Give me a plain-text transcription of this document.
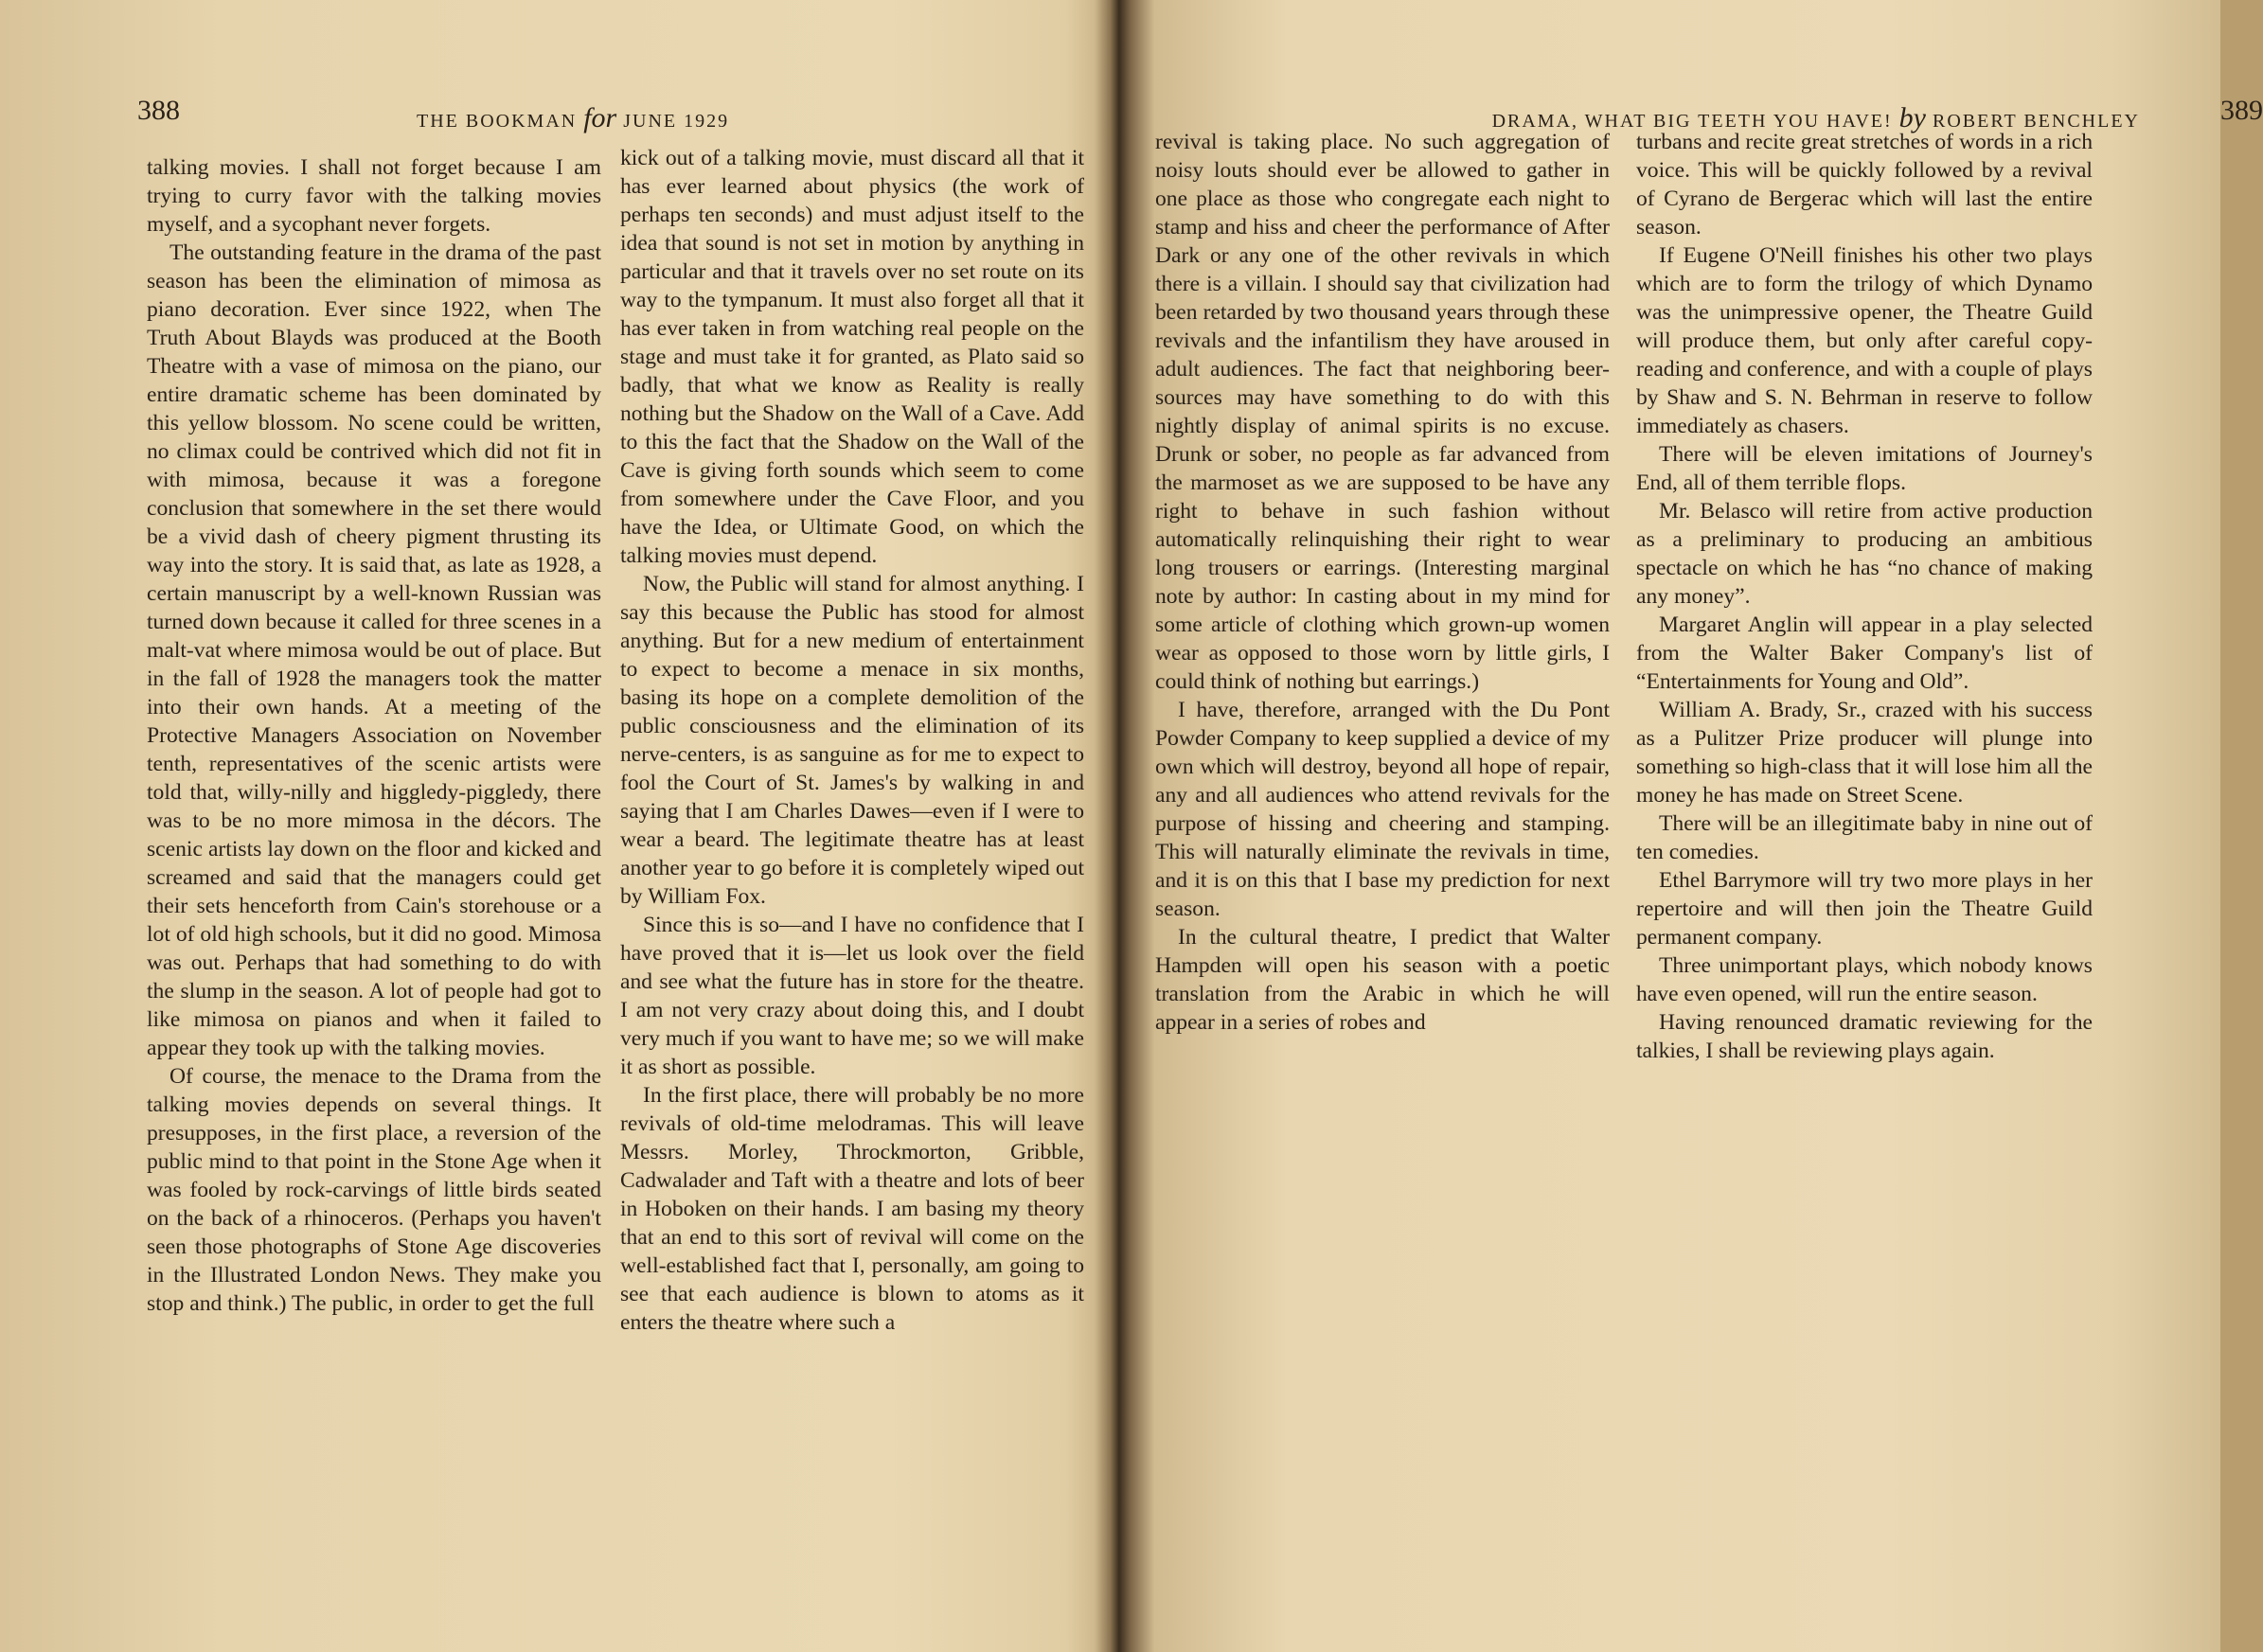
388	THE BOOKMAN for JUNE 1929

talking movies. I shall not forget because I am trying to curry favor with the talking movies myself, and a sycophant never forgets.

The outstanding feature in the drama of the past season has been the elimination of mimosa as piano decoration. Ever since 1922, when The Truth About Blayds was produced at the Booth Theatre with a vase of mimosa on the piano, our entire dramatic scheme has been dominated by this yellow blossom. No scene could be written, no climax could be contrived which did not fit in with mimosa, because it was a foregone conclusion that somewhere in the set there would be a vivid dash of cheery pigment thrusting its way into the story. It is said that, as late as 1928, a certain manuscript by a well-known Russian was turned down because it called for three scenes in a malt-vat where mimosa would be out of place. But in the fall of 1928 the managers took the matter into their own hands. At a meeting of the Protective Managers Association on November tenth, representatives of the scenic artists were told that, willy-nilly and higgledy-piggledy, there was to be no more mimosa in the décors. The scenic artists lay down on the floor and kicked and screamed and said that the managers could get their sets henceforth from Cain's storehouse or a lot of old high schools, but it did no good. Mimosa was out. Perhaps that had something to do with the slump in the season. A lot of people had got to like mimosa on pianos and when it failed to appear they took up with the talking movies.

Of course, the menace to the Drama from the talking movies depends on several things. It presupposes, in the first place, a reversion of the public mind to that point in the Stone Age when it was fooled by rock-carvings of little birds seated on the back of a rhinoceros. (Perhaps you haven't seen those photographs of Stone Age discoveries in the Illustrated London News. They make you stop and think.) The public, in order to get the full

kick out of a talking movie, must discard all that it has ever learned about physics (the work of perhaps ten seconds) and must adjust itself to the idea that sound is not set in motion by anything in particular and that it travels over no set route on its way to the tympanum. It must also forget all that it has ever taken in from watching real people on the stage and must take it for granted, as Plato said so badly, that what we know as Reality is really nothing but the Shadow on the Wall of a Cave. Add to this the fact that the Shadow on the Wall of the Cave is giving forth sounds which seem to come from somewhere under the Cave Floor, and you have the Idea, or Ultimate Good, on which the talking movies must depend.

Now, the Public will stand for almost anything. I say this because the Public has stood for almost anything. But for a new medium of entertainment to expect to become a menace in six months, basing its hope on a complete demolition of the public consciousness and the elimination of its nerve-centers, is as sanguine as for me to expect to fool the Court of St. James's by walking in and saying that I am Charles Dawes—even if I were to wear a beard. The legitimate theatre has at least another year to go before it is completely wiped out by William Fox.

Since this is so—and I have no confidence that I have proved that it is—let us look over the field and see what the future has in store for the theatre. I am not very crazy about doing this, and I doubt very much if you want to have me; so we will make it as short as possible.

In the first place, there will probably be no more revivals of old-time melodramas. This will leave Messrs. Morley, Throckmorton, Gribble, Cadwalader and Taft with a theatre and lots of beer in Hoboken on their hands. I am basing my theory that an end to this sort of revival will come on the well-established fact that I, personally, am going to see that each audience is blown to atoms as it enters the theatre where such a

DRAMA, WHAT BIG TEETH YOU HAVE! by ROBERT BENCHLEY	389

revival is taking place. No such aggregation of noisy louts should ever be allowed to gather in one place as those who congregate each night to stamp and hiss and cheer the performance of After Dark or any one of the other revivals in which there is a villain. I should say that civilization had been retarded by two thousand years through these revivals and the infantilism they have aroused in adult audiences. The fact that neighboring beer-sources may have something to do with this nightly display of animal spirits is no excuse. Drunk or sober, no people as far advanced from the marmoset as we are supposed to be have any right to behave in such fashion without automatically relinquishing their right to wear long trousers or earrings. (Interesting marginal note by author: In casting about in my mind for some article of clothing which grown-up women wear as opposed to those worn by little girls, I could think of nothing but earrings.)

I have, therefore, arranged with the Du Pont Powder Company to keep supplied a device of my own which will destroy, beyond all hope of repair, any and all audiences who attend revivals for the purpose of hissing and cheering and stamping. This will naturally eliminate the revivals in time, and it is on this that I base my prediction for next season.

In the cultural theatre, I predict that Walter Hampden will open his season with a poetic translation from the Arabic in which he will appear in a series of robes and

turbans and recite great stretches of words in a rich voice. This will be quickly followed by a revival of Cyrano de Bergerac which will last the entire season.

If Eugene O'Neill finishes his other two plays which are to form the trilogy of which Dynamo was the unimpressive opener, the Theatre Guild will produce them, but only after careful copy-reading and conference, and with a couple of plays by Shaw and S. N. Behrman in reserve to follow immediately as chasers.

There will be eleven imitations of Journey's End, all of them terrible flops.

Mr. Belasco will retire from active production as a preliminary to producing an ambitious spectacle on which he has “no chance of making any money”.

Margaret Anglin will appear in a play selected from the Walter Baker Company's list of “Entertainments for Young and Old”.

William A. Brady, Sr., crazed with his success as a Pulitzer Prize producer will plunge into something so high-class that it will lose him all the money he has made on Street Scene.

There will be an illegitimate baby in nine out of ten comedies.

Ethel Barrymore will try two more plays in her repertoire and will then join the Theatre Guild permanent company.

Three unimportant plays, which nobody knows have even opened, will run the entire season.

Having renounced dramatic reviewing for the talkies, I shall be reviewing plays again.
